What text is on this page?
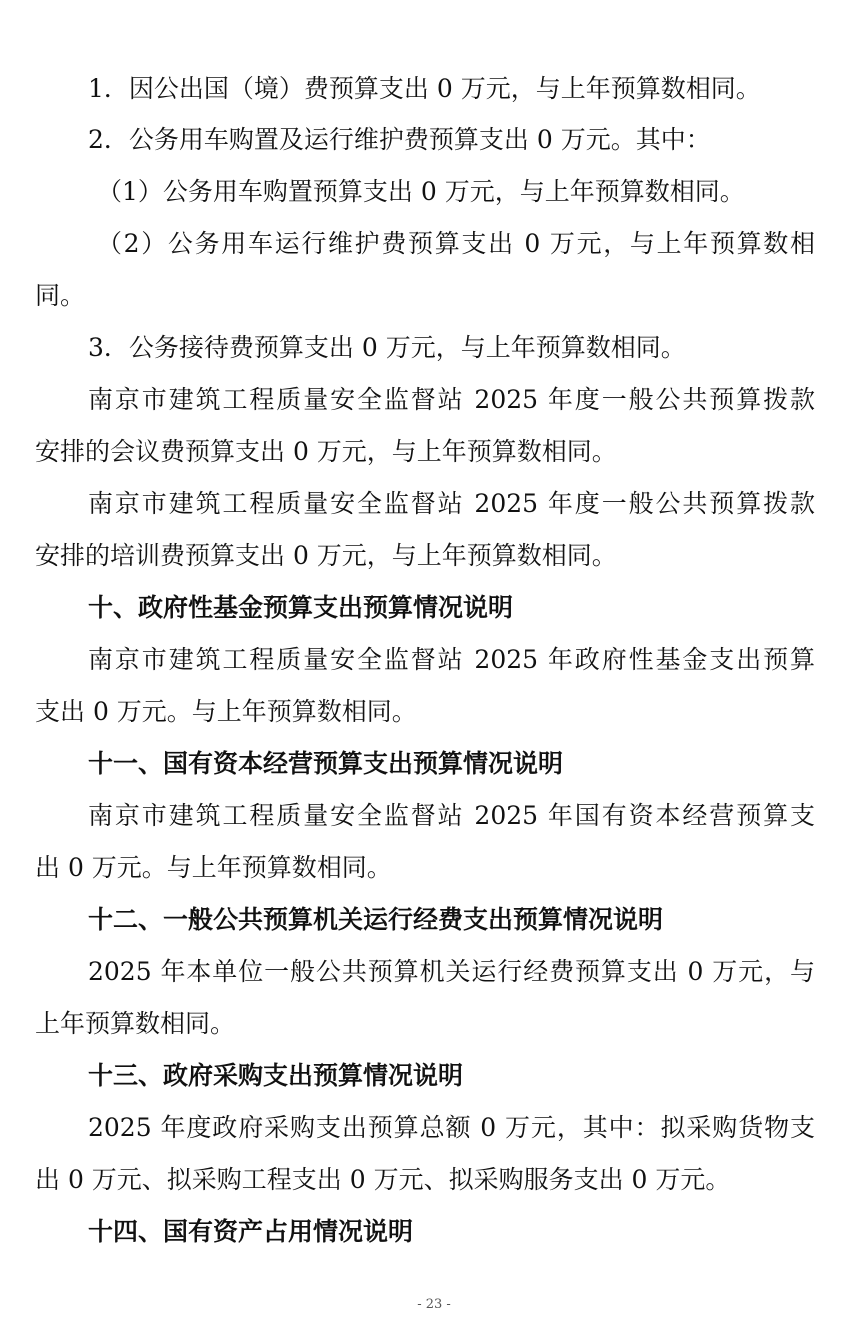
1．因公出国（境）费预算支出 0 万元，与上年预算数相同。
2．公务用车购置及运行维护费预算支出 0 万元。其中：
（1）公务用车购置预算支出 0 万元，与上年预算数相同。
（2）公务用车运行维护费预算支出 0 万元，与上年预算数相
同。
3．公务接待费预算支出 0 万元，与上年预算数相同。
南京市建筑工程质量安全监督站 2025 年度一般公共预算拨款
安排的会议费预算支出 0 万元，与上年预算数相同。
南京市建筑工程质量安全监督站 2025 年度一般公共预算拨款
安排的培训费预算支出 0 万元，与上年预算数相同。
十、政府性基金预算支出预算情况说明
南京市建筑工程质量安全监督站 2025 年政府性基金支出预算
支出 0 万元。与上年预算数相同。
十一、国有资本经营预算支出预算情况说明
南京市建筑工程质量安全监督站 2025 年国有资本经营预算支
出 0 万元。与上年预算数相同。
十二、一般公共预算机关运行经费支出预算情况说明
2025 年本单位一般公共预算机关运行经费预算支出 0 万元，与
上年预算数相同。
十三、政府采购支出预算情况说明
2025 年度政府采购支出预算总额 0 万元，其中：拟采购货物支
出 0 万元、拟采购工程支出 0 万元、拟采购服务支出 0 万元。
十四、国有资产占用情况说明
- 23 -
